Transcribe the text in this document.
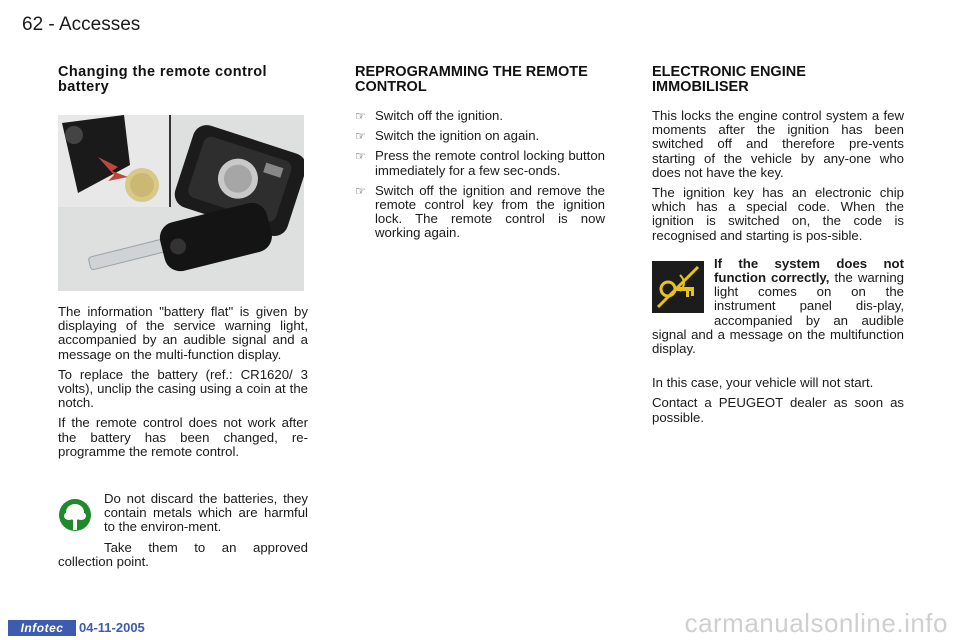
62 - Accesses
Changing the remote control battery

The information "battery flat" is given by displaying of the service warning light, accompanied by an audible signal and a message on the multi-function display.

To replace the battery (ref.: CR1620/ 3 volts), unclip the casing using a coin at the notch.

If the remote control does not work after the battery has been changed, re-programme the remote control.

Do not discard the batteries, they contain metals which are harmful to the environ-ment.

Take them to an approved collection point.

REPROGRAMMING THE REMOTE CONTROL
☞ Switch off the ignition.
☞ Switch the ignition on again.
☞ Press the remote control locking button immediately for a few sec-onds.
☞ Switch off the ignition and remove the remote control key from the ignition lock. The remote control is now working again.
ELECTRONIC ENGINE IMMOBILISER

This locks the engine control system a few moments after the ignition has been switched off and therefore pre-vents starting of the vehicle by any-one who does not have the key.

The ignition key has an electronic chip which has a special code. When the ignition is switched on, the code is recognised and starting is pos-sible.

If the system does not function correctly, the warning light comes on on the instrument panel dis-play, accompanied by an audible signal and a message on the multifunction display.

In this case, your vehicle will not start.

Contact a PEUGEOT dealer as soon as possible.

Infotec	04-11-2005	carmanualsonline.info
